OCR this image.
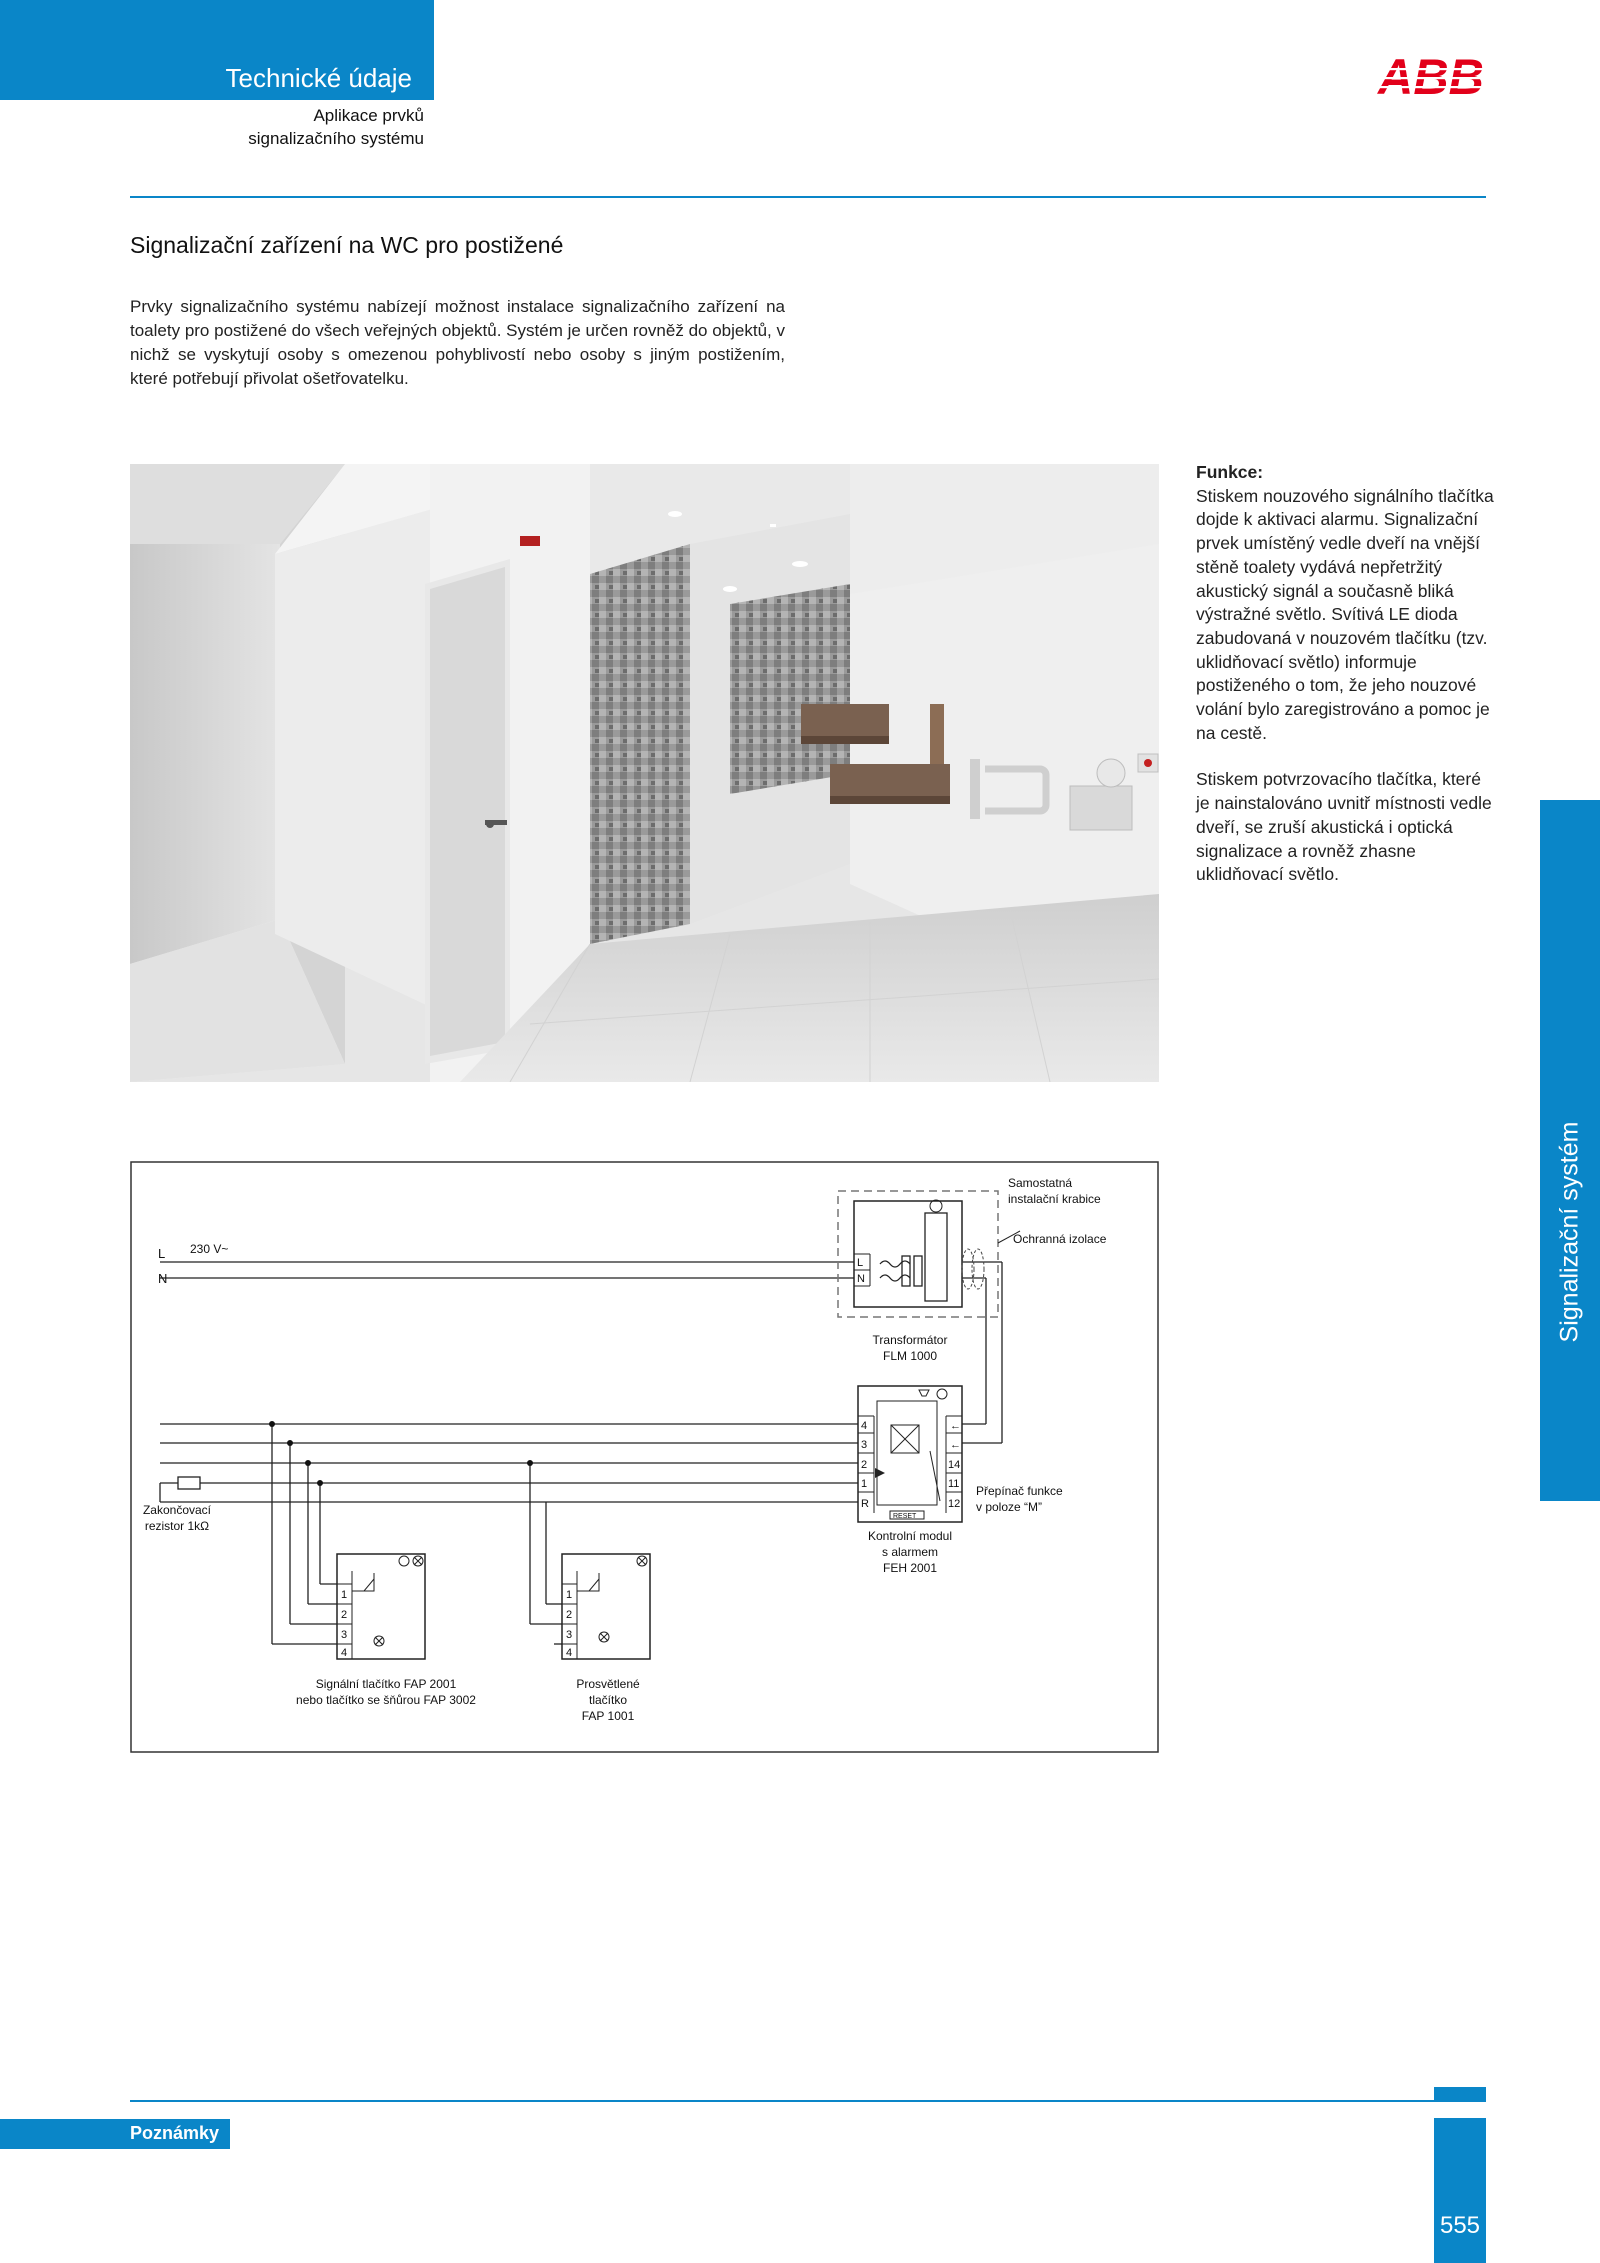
Technické údaje
Aplikace prvků
signalizačního systému
Signalizační zařízení na WC pro postižené
Prvky signalizačního systému nabízejí možnost instalace signalizačního zařízení na toalety pro postižené do všech veřejných objektů. Systém je určen rovněž do objektů, v nichž se vyskytují osoby s omezenou pohyblivostí nebo osoby s jiným postižením, které potřebují přivolat ošetřovatelku.
Funkce:
Stiskem nouzového signálního tlačítka dojde k aktivaci alarmu. Signalizační prvek umístěný vedle dveří na vnější stěně toalety vydává nepřetržitý akustický signál a současně bliká výstražné světlo. Svítivá LE dioda zabudovaná v nouzovém tlačítku (tzv. uklidňovací světlo) informuje postiženého o tom, že jeho nouzové volání bylo zaregistrováno a pomoc je na cestě.
Stiskem potvrzovacího tlačítka, které je nainstalováno uvnitř místnosti vedle dveří, se zruší akustická i optická signalizace a rovněž zhasne uklidňovací světlo.
Signalizační systém
L
N
4
3
2
1
R
14
11
12
←
←
RESET
1
2
3
4
1
2
3
4
L
N
230 V~
Samostatná
instalační krabice
Ochranná izolace
Transformátor
FLM 1000
Zakončovací
rezistor 1kΩ
Kontrolní modul
s alarmem
FEH 2001
Přepínač funkce
v poloze “M”
Signální tlačítko FAP 2001
nebo tlačítko se šňůrou FAP 3002
Prosvětlené
tlačítko
FAP 1001
Poznámky
555
